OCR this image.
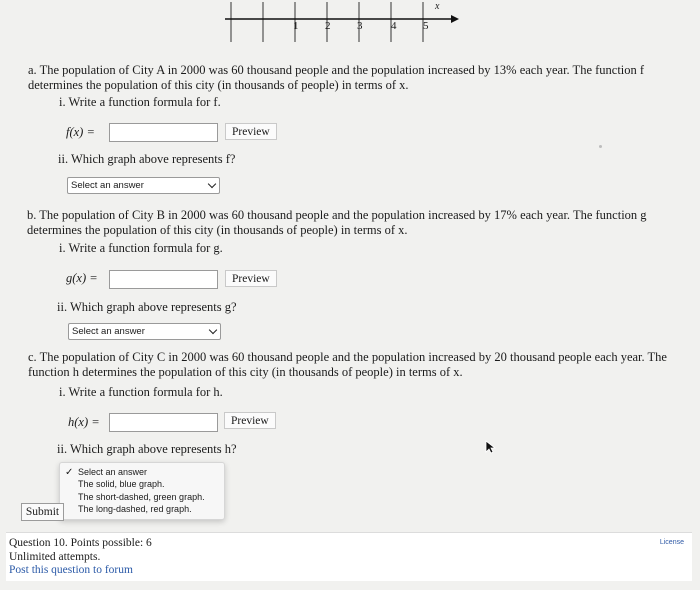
1 2 3	4 5
x
a. The population of City A in 2000 was 60 thousand people and the population increased by 13% each year. The function f determines the population of this city (in thousands of people) in terms of x.
i. Write a function formula for f.
f(x) =	Preview
ii. Which graph above represents f?
Select an answer
b. The population of City B in 2000 was 60 thousand people and the population increased by 17% each year. The function g determines the population of this city (in thousands of people) in terms of x.
i. Write a function formula for g.
g(x) =	Preview
ii. Which graph above represents g?
Select an answer
c. The population of City C in 2000 was 60 thousand people and the population increased by 20 thousand people each year. The function h determines the population of this city (in thousands of people) in terms of x.
i. Write a function formula for h.
h(x) =	Preview
ii. Which graph above represents h?
✓ Select an answer
The solid, blue graph.
The short-dashed, green graph.
The long-dashed, red graph.
Submit
Question 10. Points possible: 6
Unlimited attempts.
Post this question to forum
License
